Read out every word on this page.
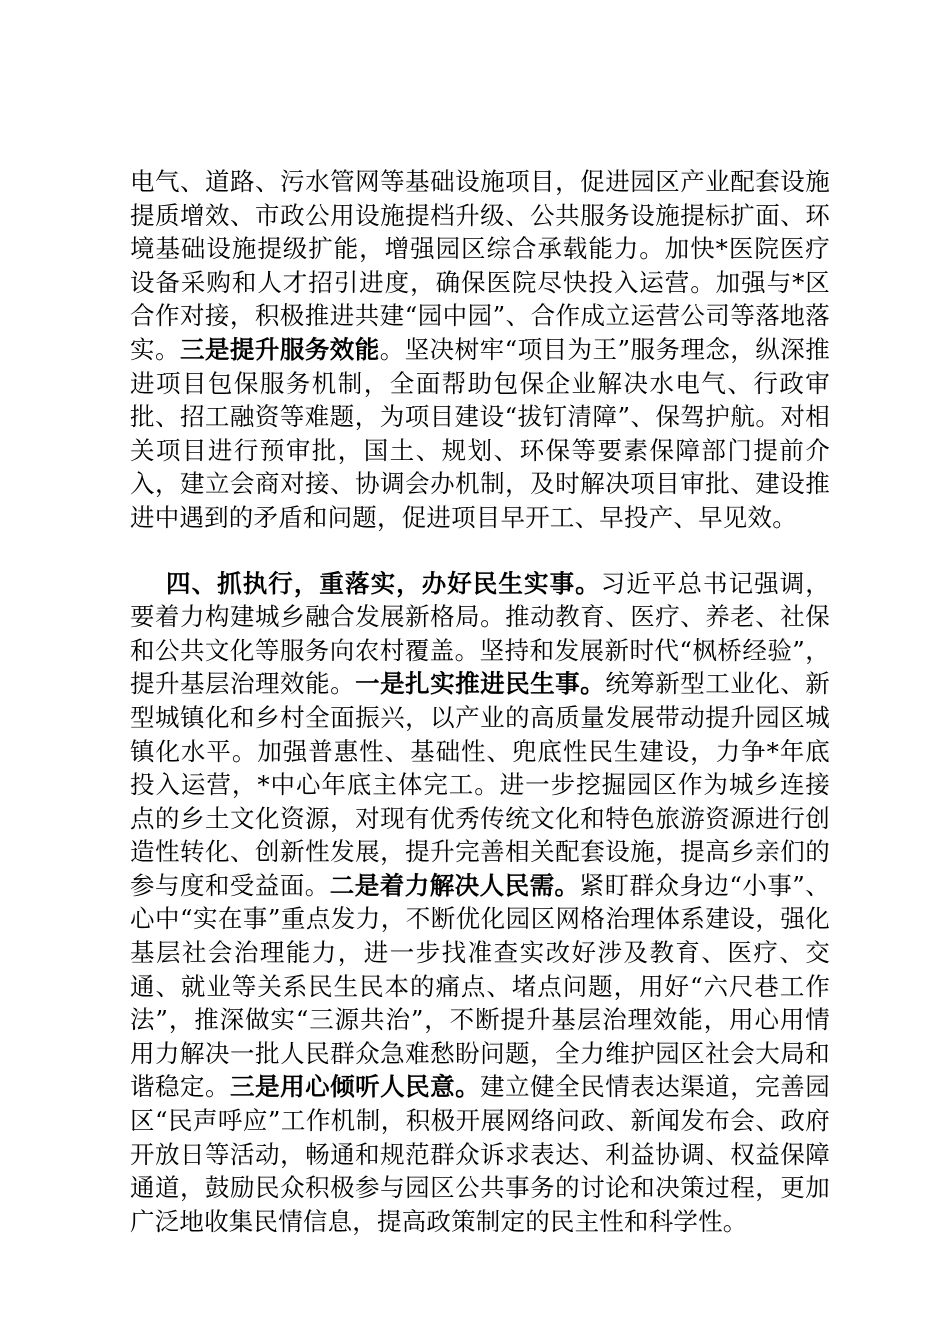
电气、道路、污水管网等基础设施项目，促进园区产业配套设施提质增效、市政公用设施提档升级、公共服务设施提标扩面、环境基础设施提级扩能，增强园区综合承载能力。加快*医院医疗设备采购和人才招引进度，确保医院尽快投入运营。加强与*区合作对接，积极推进共建“园中园”、合作成立运营公司等落地落实。三是提升服务效能。坚决树牢“项目为王”服务理念，纵深推进项目包保服务机制，全面帮助包保企业解决水电气、行政审批、招工融资等难题，为项目建设“拔钉清障”、保驾护航。对相关项目进行预审批，国土、规划、环保等要素保障部门提前介入，建立会商对接、协调会办机制，及时解决项目审批、建设推进中遇到的矛盾和问题，促进项目早开工、早投产、早见效。

四、抓执行，重落实，办好民生实事。习近平总书记强调，要着力构建城乡融合发展新格局。推动教育、医疗、养老、社保和公共文化等服务向农村覆盖。坚持和发展新时代“枫桥经验”，提升基层治理效能。一是扎实推进民生事。统筹新型工业化、新型城镇化和乡村全面振兴，以产业的高质量发展带动提升园区城镇化水平。加强普惠性、基础性、兜底性民生建设，力争*年底投入运营，*中心年底主体完工。进一步挖掘园区作为城乡连接点的乡土文化资源，对现有优秀传统文化和特色旅游资源进行创造性转化、创新性发展，提升完善相关配套设施，提高乡亲们的参与度和受益面。二是着力解决人民需。紧盯群众身边“小事”、心中“实在事”重点发力，不断优化园区网格治理体系建设，强化基层社会治理能力，进一步找准查实改好涉及教育、医疗、交通、就业等关系民生民本的痛点、堵点问题，用好“六尺巷工作法”，推深做实“三源共治”，不断提升基层治理效能，用心用情用力解决一批人民群众急难愁盼问题，全力维护园区社会大局和谐稳定。三是用心倾听人民意。建立健全民情表达渠道，完善园区“民声呼应”工作机制，积极开展网络问政、新闻发布会、政府开放日等活动，畅通和规范群众诉求表达、利益协调、权益保障通道，鼓励民众积极参与园区公共事务的讨论和决策过程，更加广泛地收集民情信息，提高政策制定的民主性和科学性。
